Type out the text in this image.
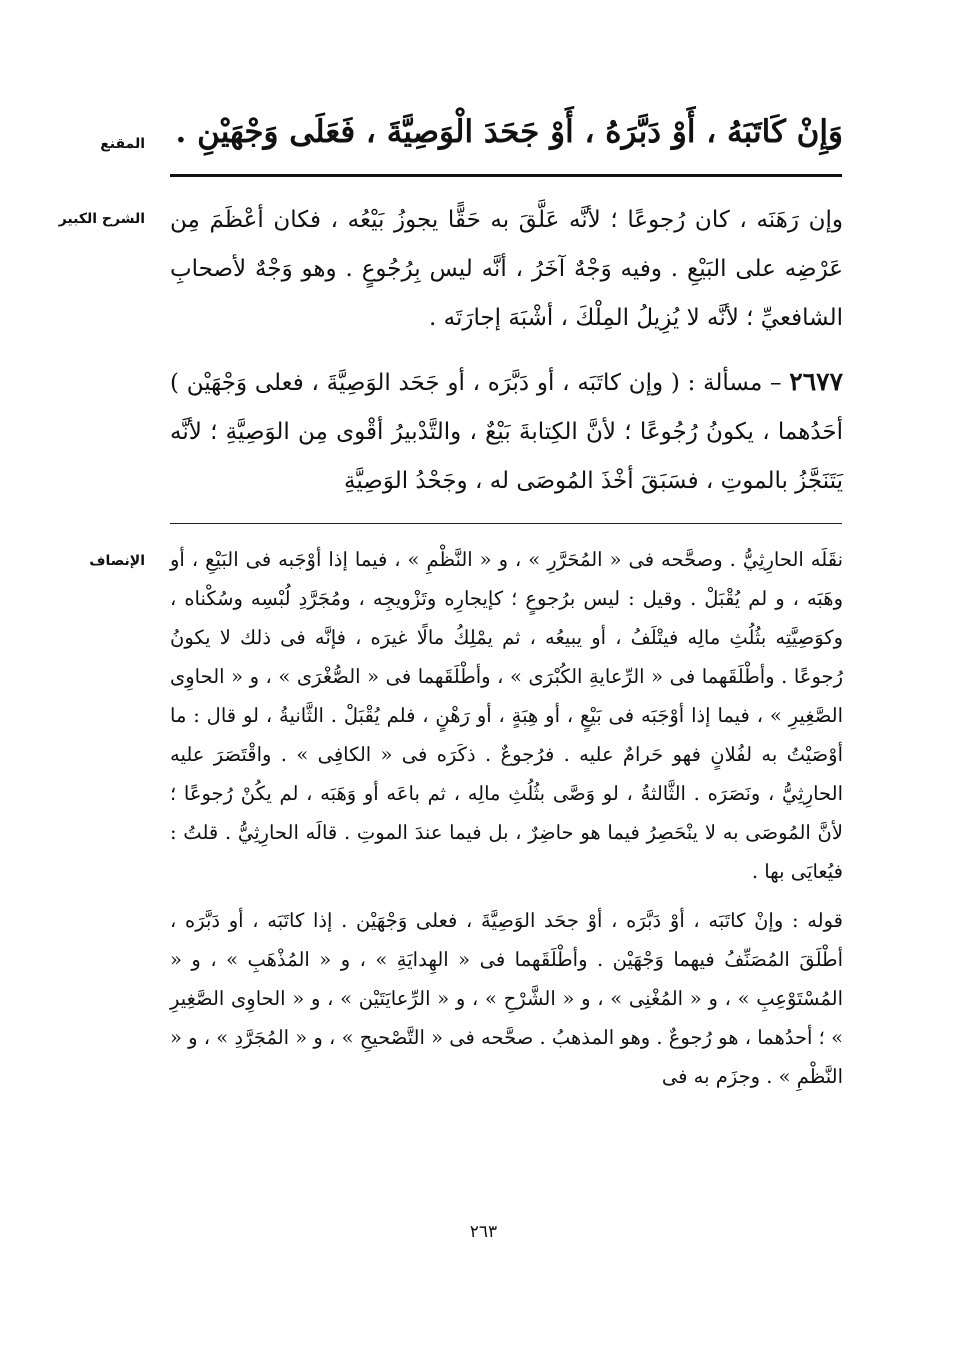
المقنع وَإِنْ كَاتَبَهُ ، أَوْ دَبَّرَهُ ، أَوْ جَحَدَ الْوَصِيَّةَ ، فَعَلَى وَجْهَيْنِ .
الشرح الكبير وإن رَهَنَه ، كان رُجوعًا ؛ لأنَّه عَلَّقَ به حَقًّا يجوزُ بَيْعُه ، فكان أعْظَمَ مِن عَرْضِه على البَيْعِ . وفيه وَجْهٌ آخَرُ ، أنَّه ليس بِرُجُوعٍ . وهو وَجْهٌ لأصحابِ الشافعيِّ ؛ لأنَّه لا يُزِيلُ المِلْكَ ، أشْبَهَ إجارَتَه .

٢٦٧٧ – مسألة : ( وإن كاتَبَه ، أو دَبَّرَه ، أو جَحَد الوَصِيَّةَ ، فعلى وَجْهَيْن ) أحَدُهما ، يكونُ رُجُوعًا ؛ لأنَّ الكِتابةَ بَيْعٌ ، والتَّدْبيرُ أقْوى مِن الوَصِيَّةِ ؛ لأنَّه يَتَنَجَّزُ بالموتِ ، فسَبَقَ أخْذَ المُوصَى له ، وجَحْدُ الوَصِيَّةِ

الإنصاف نقَلَه الحارِثِيُّ . وصحَّحه فى « المُحَرَّرِ » ، و « النَّظْمِ » ، فيما إذا أوْجَبه فى البَيْعِ ، أو وهَبَه ، و لم يُقْبَلْ . وقيل : ليس برُجوعٍ ؛ كإيجارِه وتَزْويجِه ، ومُجَرَّدِ لُبْسِه وسُكْناه ، وكوَصِيَّتِه بثُلُثِ مالِه فيتْلَفُ ، أو يبيعُه ، ثم يمْلِكُ مالًا غيرَه ، فإنَّه فى ذلك لا يكونُ رُجوعًا . وأطْلَقَهما فى « الرِّعايةِ الكُبْرَى » ، وأطْلَقَهما فى « الصُّغْرَى » ، و « الحاوِى الصَّغِيرِ » ، فيما إذا أوْجَبَه فى بَيْعٍ ، أو هِبَةٍ ، أو رَهْنٍ ، فلم يُقْبَلْ . الثَّانيةُ ، لو قال : ما أوْصَيْتُ به لفُلانٍ فهو حَرامٌ عليه . فرُجوعٌ . ذكَرَه فى « الكافِى » . واقْتَصَرَ عليه الحارِثِيُّ ، ونَصَرَه . الثَّالثةُ ، لو وَصَّى بثُلُثِ مالِه ، ثم باعَه أو وَهَبَه ، لم يكُنْ رُجوعًا ؛ لأنَّ المُوصَى به لا ينْحَصِرُ فيما هو حاضِرٌ ، بل فيما عندَ الموتِ . قالَه الحارِثِيُّ . قلتُ : فيُعايَى بها .

قوله : وإنْ كاتَبَه ، أوْ دَبَّرَه ، أوْ جحَد الوَصِيَّةَ ، فعلى وَجْهَيْن . إذا كاتَبَه ، أو دَبَّرَه ، أطْلَقَ المُصَنِّفُ فيهما وَجْهَيْن . وأطْلَقَهما فى « الهِدايَةِ » ، و « المُذْهَبِ » ، و « المُسْتَوْعِبِ » ، و « المُغْنِى » ، و « الشَّرْحِ » ، و « الرِّعايَتَيْن » ، و « الحاوِى الصَّغِيرِ » ؛ أحدُهما ، هو رُجوعٌ . وهو المذهبُ . صحَّحه فى « التَّصْحيحِ » ، و « المُجَرَّدِ » ، و « النَّظْمِ » . وجزَم به فى

٢٦٣
